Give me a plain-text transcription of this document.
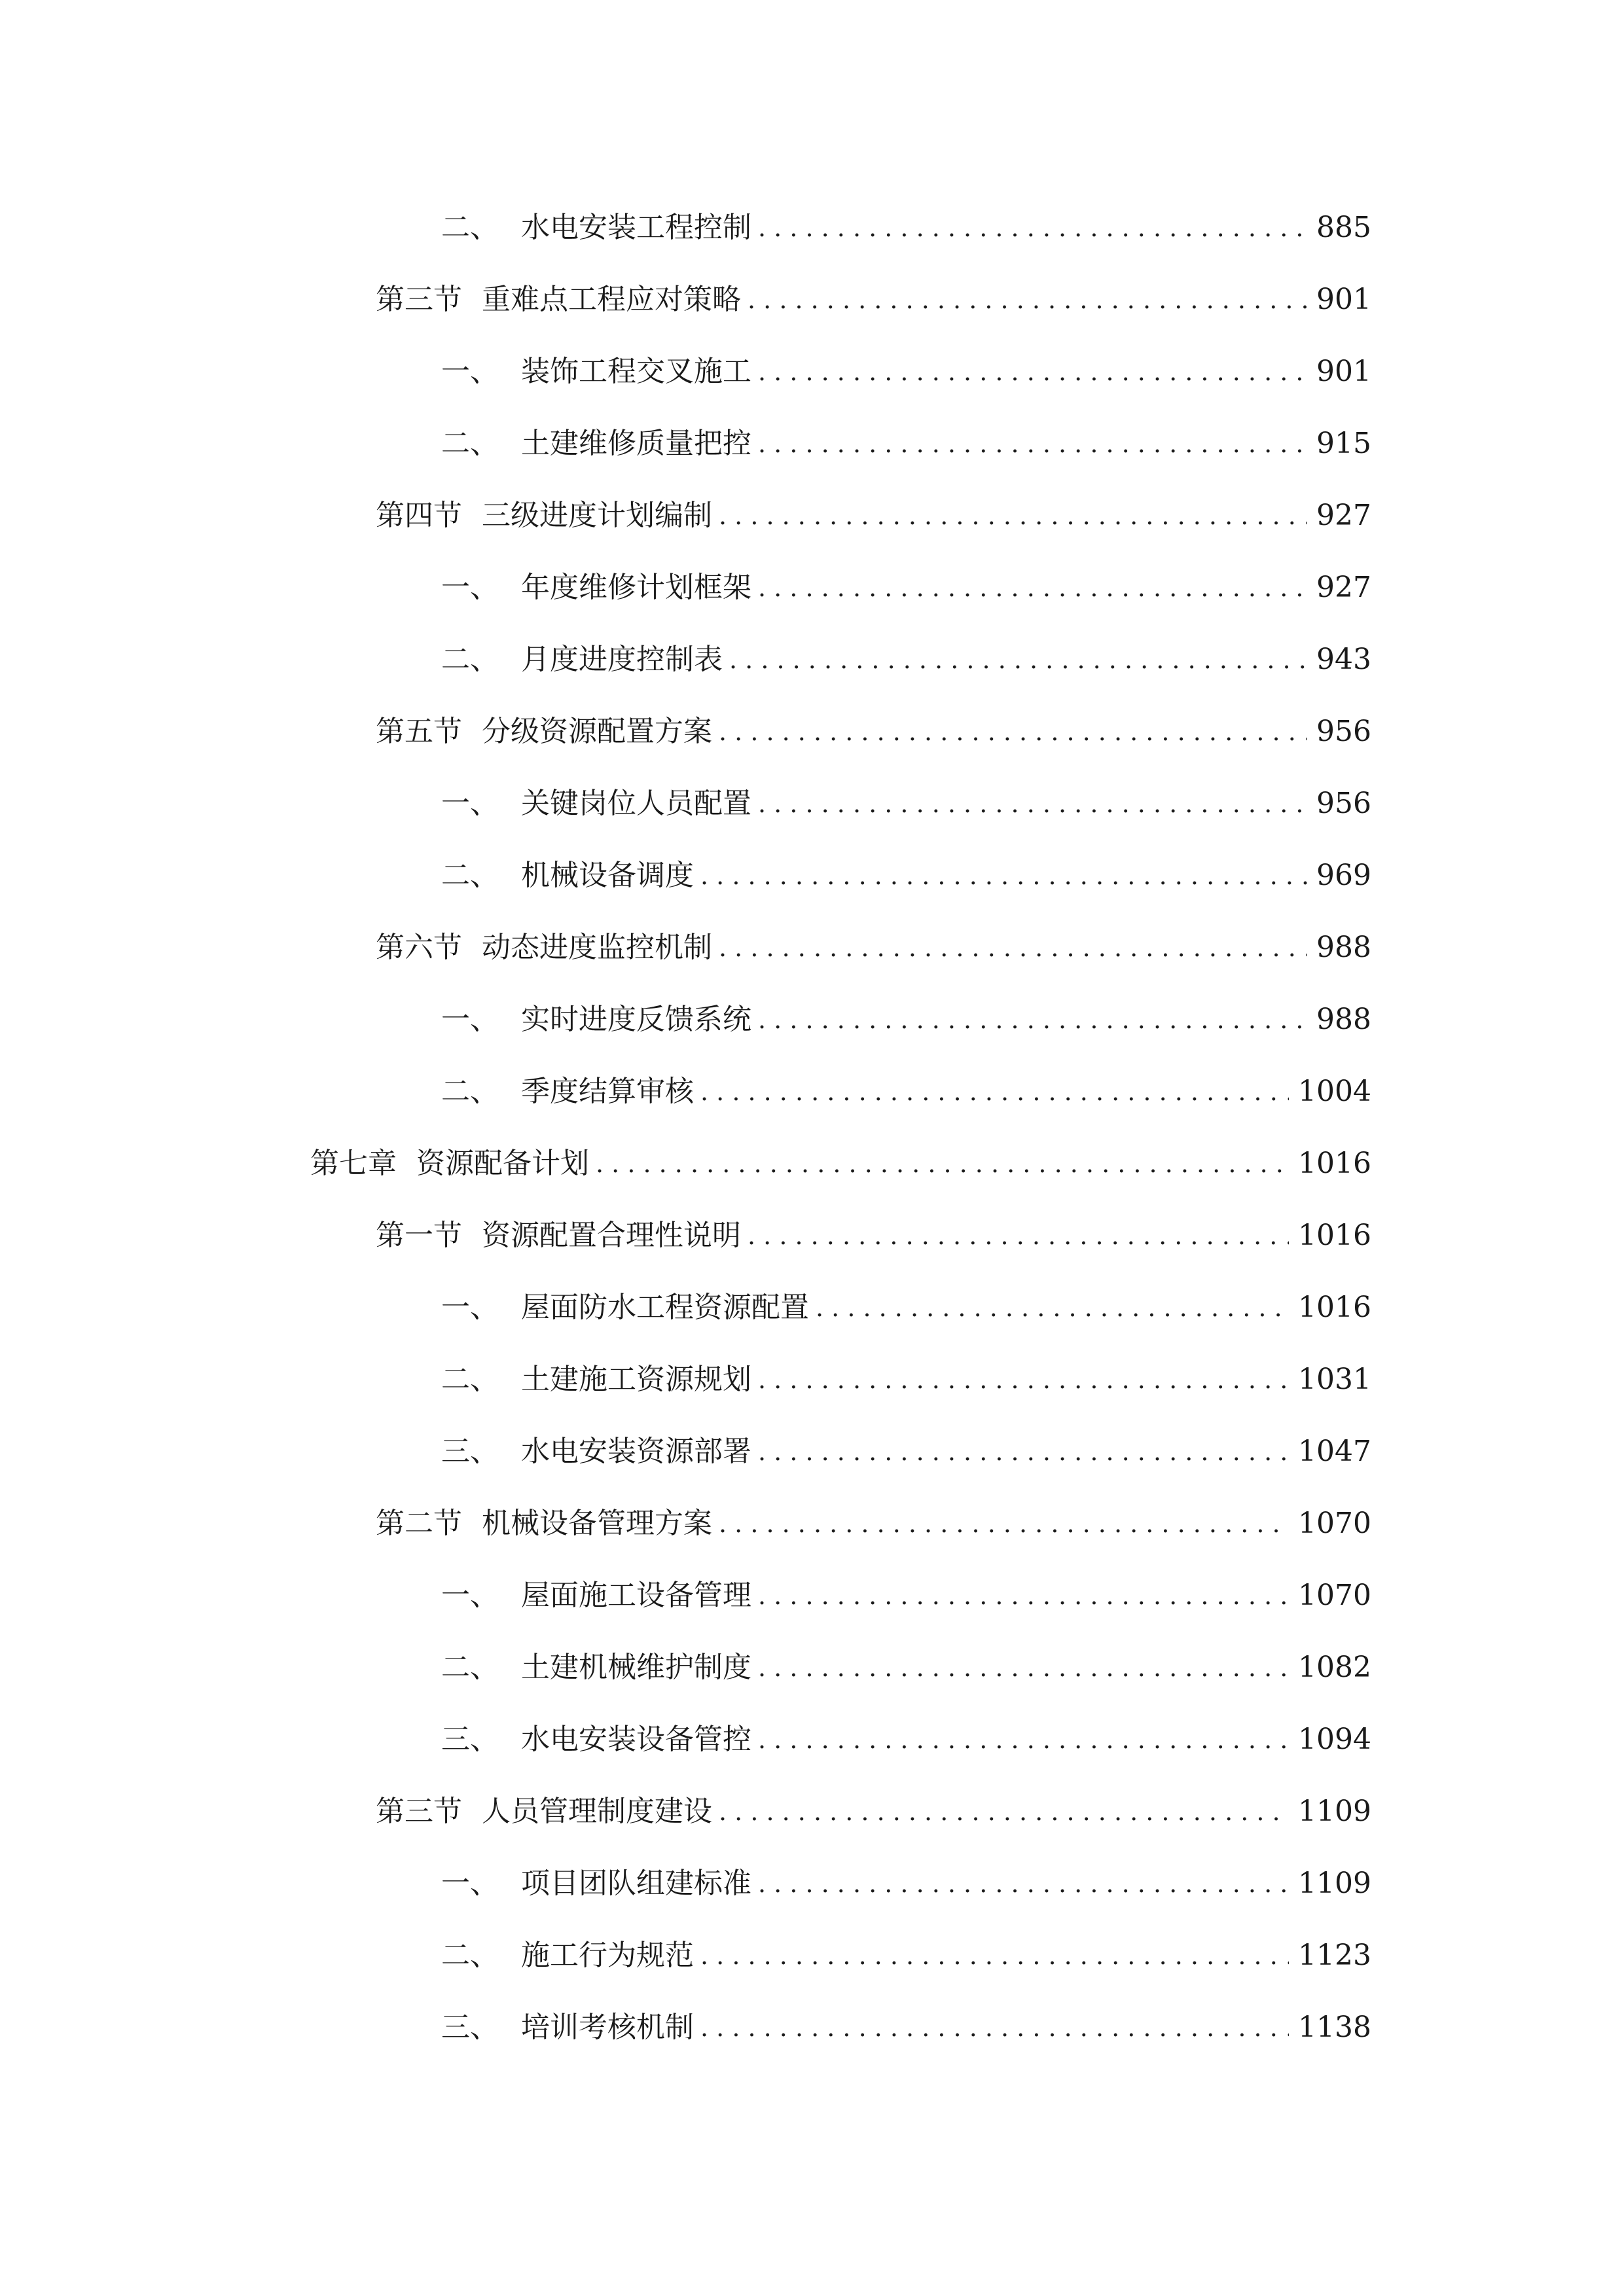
二、 水电安装工程控制 . . .	885
第三节 重难点工程应对策略 . . .	901
一、 装饰工程交叉施工 . . .	901
二、 土建维修质量把控 . . .	915
第四节 三级进度计划编制 . . .	927
一、 年度维修计划框架 . . .	927
二、 月度进度控制表 . . .	943
第五节 分级资源配置方案 . . .	956
一、 关键岗位人员配置 . . .	956
二、 机械设备调度 . . .	969
第六节 动态进度监控机制 . . .	988
一、 实时进度反馈系统 . . .	988
二、 季度结算审核 . . .	1004
第七章 资源配备计划 . . .	1016
第一节 资源配置合理性说明 . . .	1016
一、 屋面防水工程资源配置 . . .	1016
二、 土建施工资源规划 . . .	1031
三、 水电安装资源部署 . . .	1047
第二节 机械设备管理方案 . . .	1070
一、 屋面施工设备管理 . . .	1070
二、 土建机械维护制度 . . .	1082
三、 水电安装设备管控 . . .	1094
第三节 人员管理制度建设 . . .	1109
一、 项目团队组建标准 . . .	1109
二、 施工行为规范 . . .	1123
三、 培训考核机制 . . .	1138
